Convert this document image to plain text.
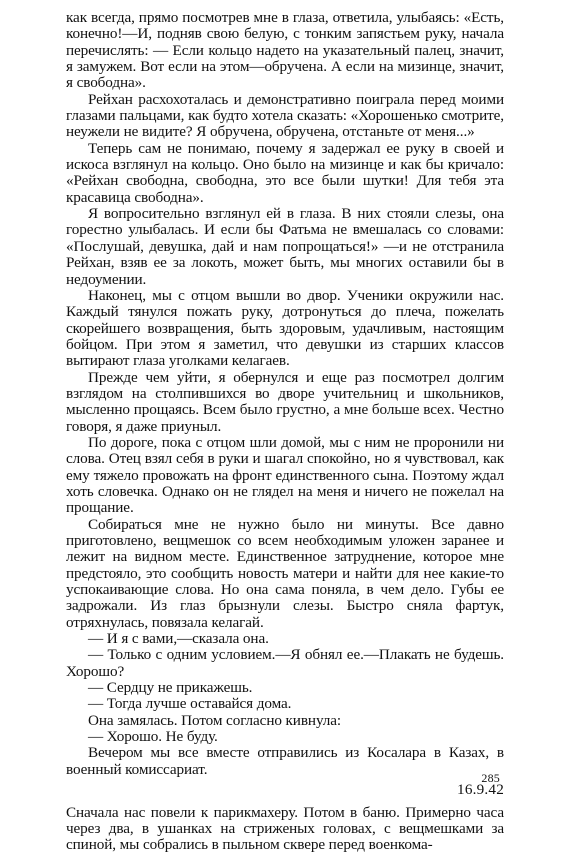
как всегда, прямо посмотрев мне в глаза, ответила, улыбаясь: «Есть, конечно!—И, подняв свою белую, с тонким запястьем руку, начала перечислять: — Если кольцо надето на указательный палец, значит, я замужем. Вот если на этом—обручена. А если на мизинце, значит, я свободна».

Рейхан расхохоталась и демонстративно поиграла перед моими глазами пальцами, как будто хотела сказать: «Хорошенько смотрите, неужели не видите? Я обручена, обручена, отстаньте от меня...»

Теперь сам не понимаю, почему я задержал ее руку в своей и искоса взглянул на кольцо. Оно было на мизинце и как бы кричало: «Рейхан свободна, свободна, это все были шутки! Для тебя эта красавица свободна».

Я вопросительно взглянул ей в глаза. В них стояли слезы, она горестно улыбалась. И если бы Фатьма не вмешалась со словами: «Послушай, девушка, дай и нам попрощаться!» —и не отстранила Рейхан, взяв ее за локоть, может быть, мы многих оставили бы в недоумении.

Наконец, мы с отцом вышли во двор. Ученики окружили нас. Каждый тянулся пожать руку, дотронуться до плеча, пожелать скорейшего возвращения, быть здоровым, удачливым, настоящим бойцом. При этом я заметил, что девушки из старших классов вытирают глаза уголками келагаев.

Прежде чем уйти, я обернулся и еще раз посмотрел долгим взглядом на столпившихся во дворе учительниц и школьников, мысленно прощаясь. Всем было грустно, а мне больше всех. Честно говоря, я даже приуныл.

По дороге, пока с отцом шли домой, мы с ним не проронили ни слова. Отец взял себя в руки и шагал спокойно, но я чувствовал, как ему тяжело провожать на фронт единственного сына. Поэтому ждал хоть словечка. Однако он не глядел на меня и ничего не пожелал на прощание.

Собираться мне не нужно было ни минуты. Все давно приготовлено, вещмешок со всем необходимым уложен заранее и лежит на видном месте. Единственное затруднение, которое мне предстояло, это сообщить новость матери и найти для нее какие-то успокаивающие слова. Но она сама поняла, в чем дело. Губы ее задрожали. Из глаз брызнули слезы. Быстро сняла фартук, отряхнулась, повязала келагай.

— И я с вами,—сказала она.

— Только с одним условием.—Я обнял ее.—Плакать не будешь. Хорошо?

— Сердцу не прикажешь.

— Тогда лучше оставайся дома.

Она замялась. Потом согласно кивнула:

— Хорошо. Не буду.

Вечером мы все вместе отправились из Косалара в Казах, в военный комиссариат.

16.9.42

Сначала нас повели к парикмахеру. Потом в баню. Примерно часа через два, в ушанках на стриженых головах, с вещмешками за спиной, мы собрались в пыльном сквере перед военкома-

285
